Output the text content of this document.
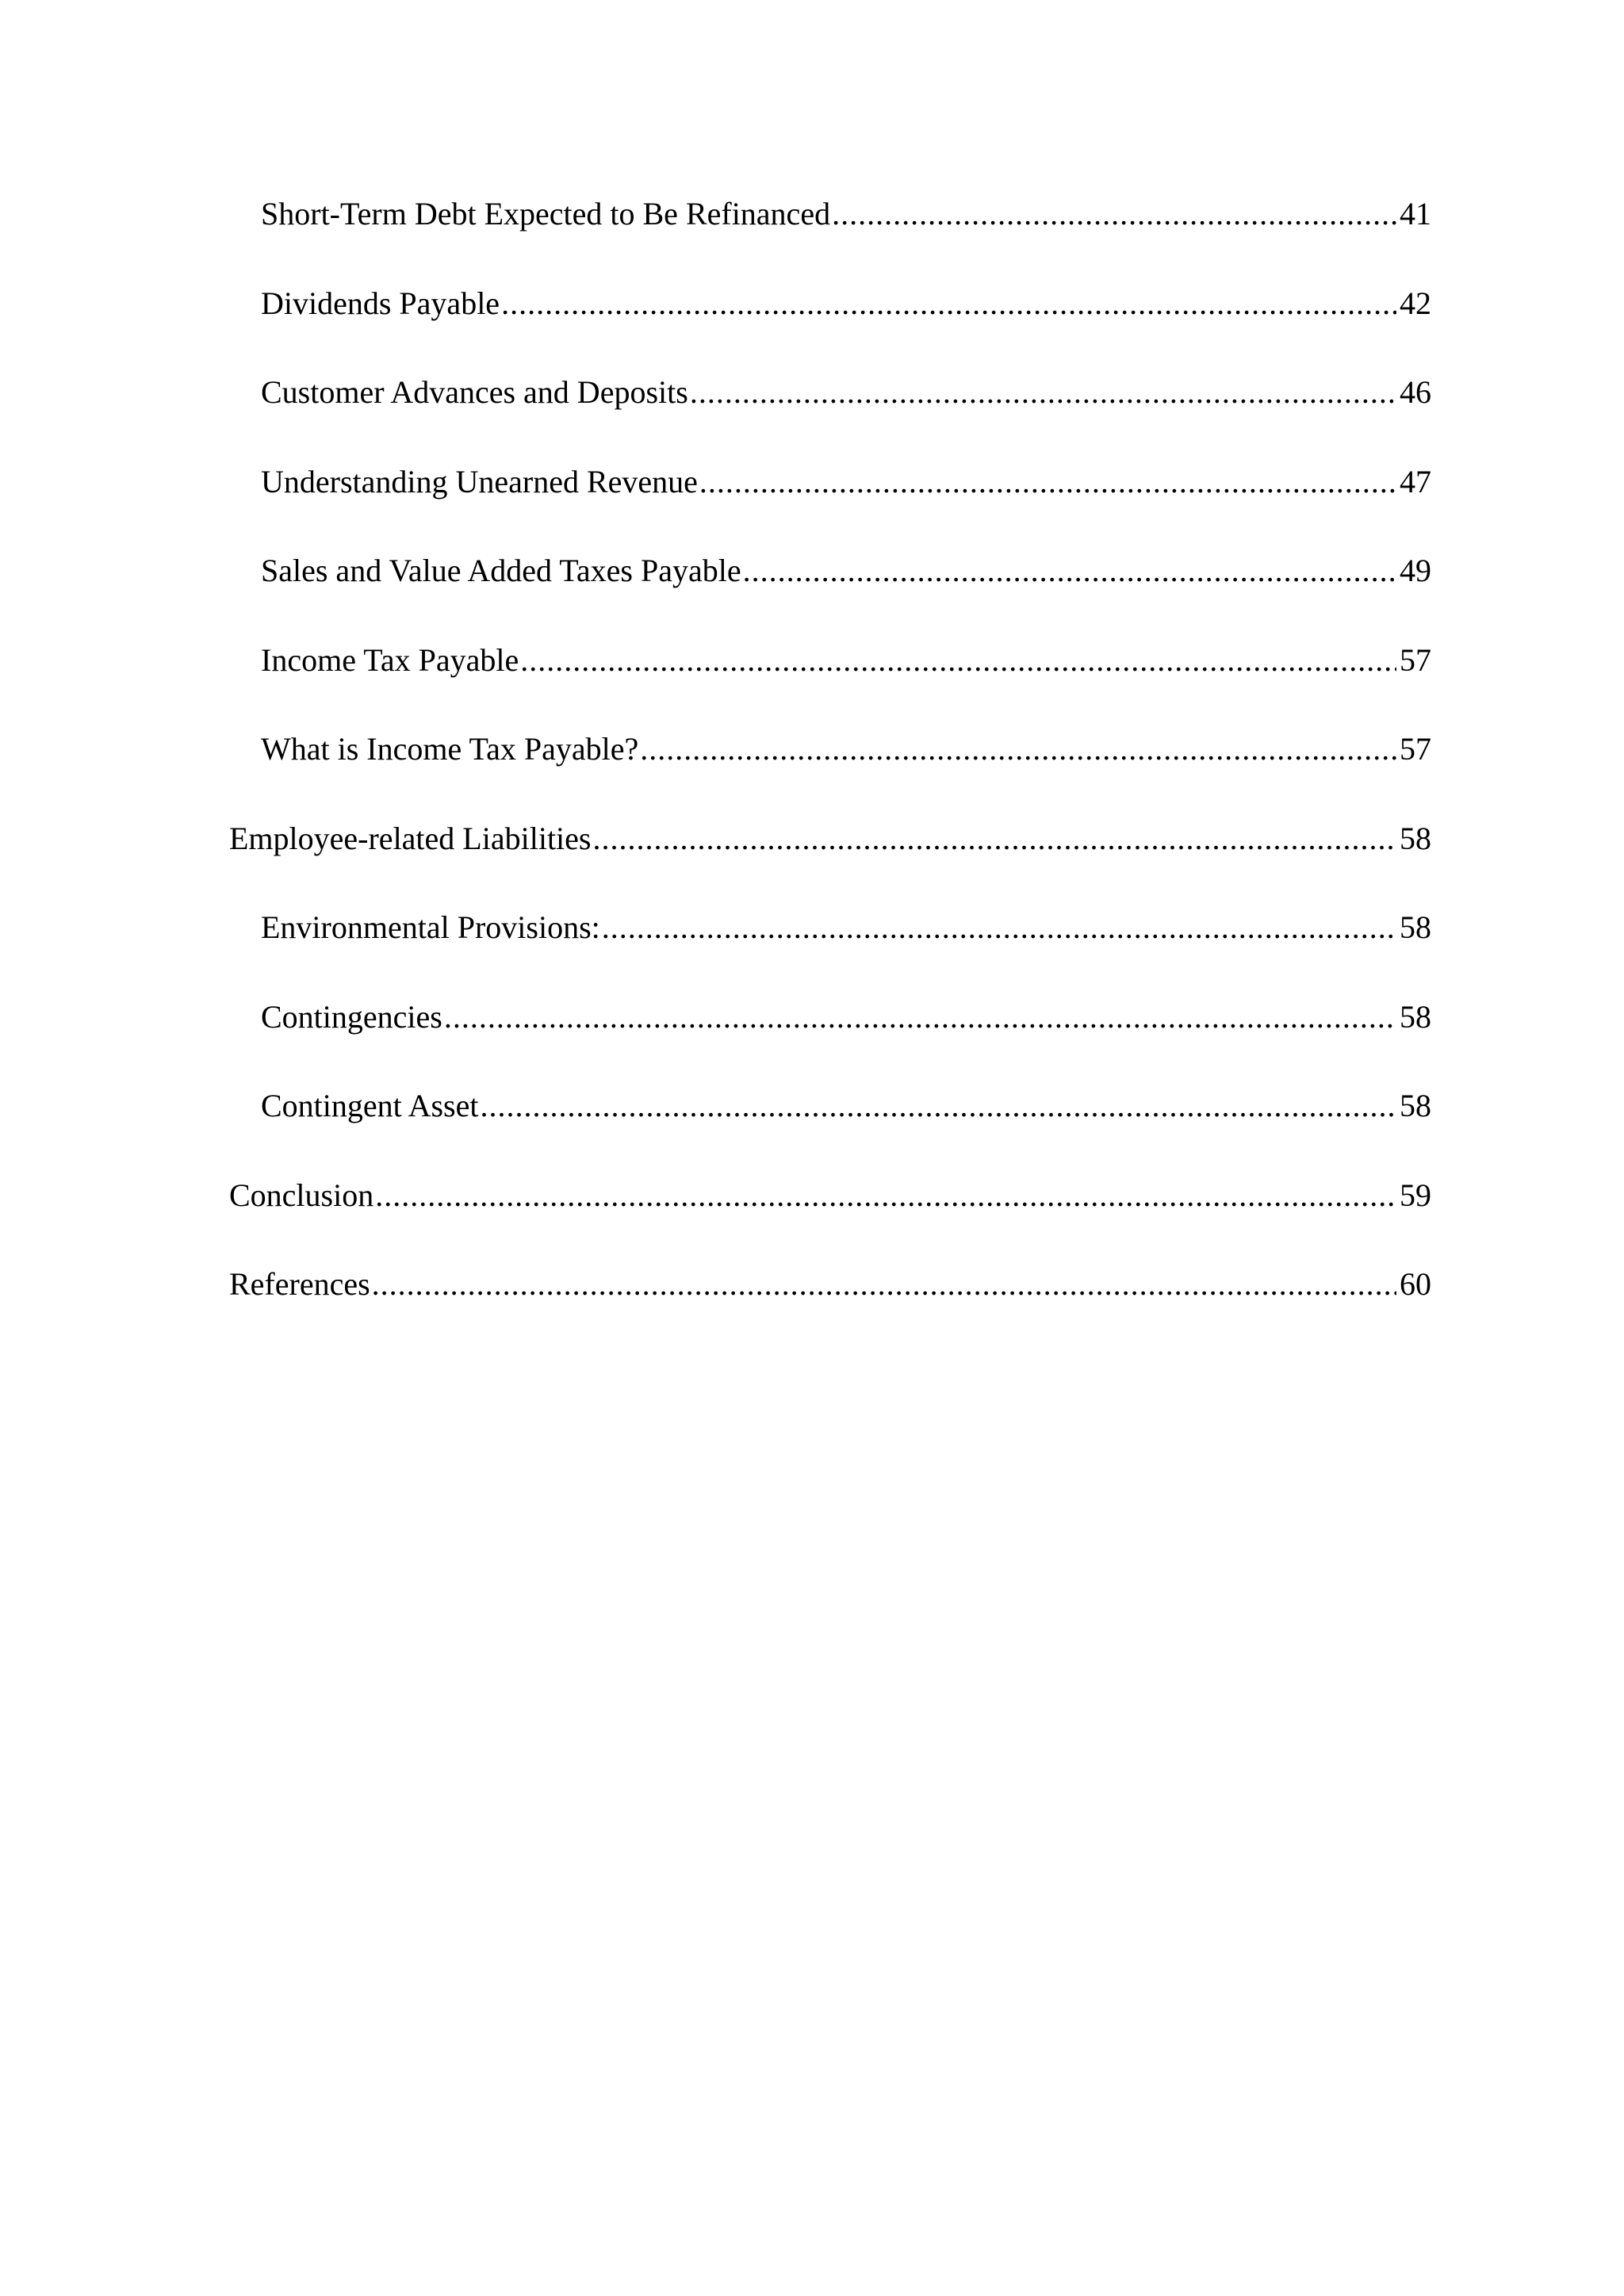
Short-Term Debt Expected to Be Refinanced .....	41
Dividends Payable .....	42
Customer Advances and Deposits .....	46
Understanding Unearned Revenue .....	47
Sales and Value Added Taxes Payable .....	49
Income Tax Payable .....	57
What is Income Tax Payable? .....	57
Employee-related Liabilities .....	58
Environmental Provisions: .....	58
Contingencies .....	58
Contingent Asset .....	58
Conclusion .....	59
References .....	60
